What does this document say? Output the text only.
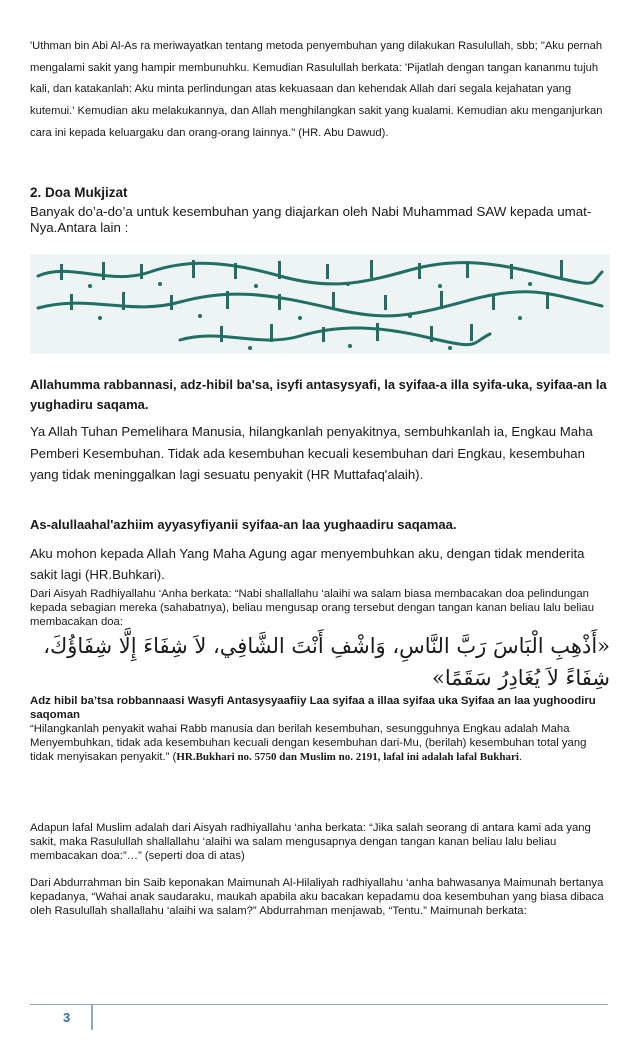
'Uthman bin Abi Al-As ra meriwayatkan tentang metoda penyembuhan yang dilakukan Rasulullah, sbb; "Aku pernah mengalami sakit yang hampir membunuhku. Kemudian Rasulullah berkata: 'Pijatlah dengan tangan kananmu tujuh kali, dan katakanlah: Aku minta perlindungan atas kekuasaan dan kehendak Allah dari segala kejahatan yang kutemui.' Kemudian aku melakukannya, dan Allah menghilangkan sakit yang kualami. Kemudian aku menganjurkan cara ini kepada keluargaku dan orang-orang lainnya." (HR. Abu Dawud).

2. Doa Mukjizat

Banyak do’a-do’a untuk kesembuhan yang diajarkan oleh Nabi Muhammad SAW kepada umat-Nya.Antara lain :

Allahumma rabbannasi, adz-hibil ba'sa, isyfi antasysyafi, la syifaa-a illa syifa-uka, syifaa-an la yughadiru saqama.

Ya Allah Tuhan Pemelihara Manusia, hilangkanlah penyakitnya, sembuhkanlah ia, Engkau Maha Pemberi Kesembuhan. Tidak ada kesembuhan kecuali kesembuhan dari Engkau, kesembuhan yang tidak meninggalkan lagi sesuatu penyakit (HR Muttafaq'alaih).

As-alullaahal'azhiim ayyasyfiyanii syifaa-an laa yughaadiru saqamaa.

Aku mohon kepada Allah Yang Maha Agung agar menyembuhkan aku, dengan tidak menderita sakit lagi (HR.Buhkari).

Dari Aisyah Radhiyallahu ‘Anha berkata: “Nabi shallallahu ‘alaihi wa salam biasa membacakan doa pelindungan kepada sebagian mereka (sahabatnya), beliau mengusap orang tersebut dengan tangan kanan beliau lalu beliau membacakan doa:

«أَذْهِبِ الْبَاسَ رَبَّ النَّاسِ، وَاشْفِ أَنْتَ الشَّافِي، لاَ شِفَاءَ إِلَّا شِفَاؤُكَ،
شِفَاءً لاَ يُغَادِرُ سَقَمًا»

Adz hibil ba’tsa robbannaasi Wasyfi Antasysyaafiiy Laa syifaa a illaa syifaa uka Syifaa an laa yughoodiru saqoman

“Hilangkanlah penyakit wahai Rabb manusia dan berilah kesembuhan, sesungguhnya Engkau adalah Maha Menyembuhkan, tidak ada kesembuhan kecuali dengan kesembuhan dari-Mu, (berilah) kesembuhan total yang tidak menyisakan penyakit.” (HR.Bukhari no. 5750 dan Muslim no. 2191, lafal ini adalah lafal Bukhari.

Adapun lafal Muslim adalah dari Aisyah radhiyallahu ‘anha berkata: “Jika salah seorang di antara kami ada yang sakit, maka Rasulullah shallallahu ‘alaihi wa salam mengusapnya dengan tangan kanan beliau lalu beliau membacakan doa:”…” (seperti doa di atas)

Dari Abdurrahman bin Saib keponakan Maimunah Al-Hilaliyah radhiyallahu ‘anha bahwasanya Maimunah bertanya kepadanya, “Wahai anak saudaraku, maukah apabila aku bacakan kepadamu doa kesembuhan yang biasa dibaca oleh Rasulullah shallallahu ‘alaihi wa salam?” Abdurrahman menjawab, “Tentu.” Maimunah berkata:

3
